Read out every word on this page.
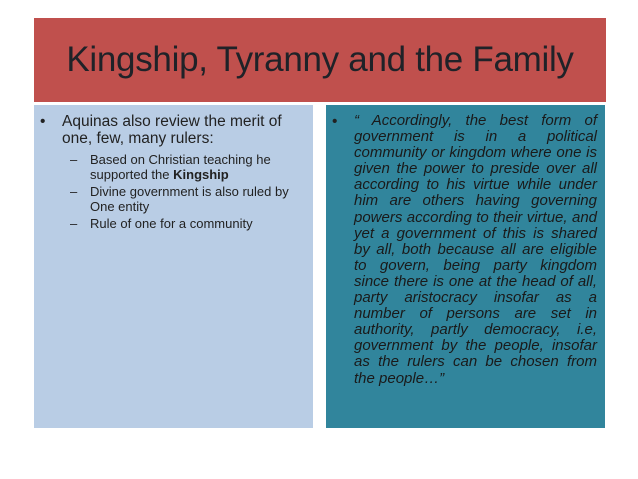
Kingship, Tyranny and the Family
•	Aquinas also review the merit of one, few, many rulers:
– Based on Christian teaching he supported the Kingship
– Divine government is also ruled by One entity
– Rule of one for a community
•	“ Accordingly, the best form of government is in a political community or kingdom where one is given the power to preside over all according to his virtue while under him are others having governing powers according to their virtue, and yet a government of this is shared by all, both because all are eligible to govern, being party kingdom since there is one at the head of all, party aristocracy insofar as a number of persons are set in authority, partly democracy, i.e, government by the people, insofar as the rulers can be chosen from the people…”
